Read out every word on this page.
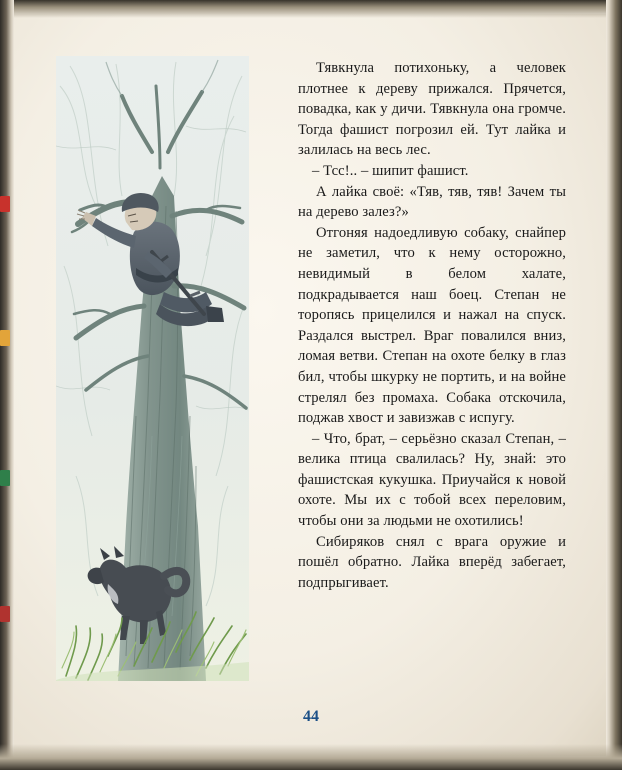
Тявкнула потихоньку, а человек плотнее к дереву прижался. Прячется, повадка, как у дичи. Тявкнула она громче. Тогда фашист погрозил ей. Тут лайка и залилась на весь лес.

– Тсс!.. – шипит фашист.

А лайка своё: «Тяв, тяв, тяв! Зачем ты на дерево залез?»

Отгоняя надоедливую собаку, снайпер не заметил, что к нему осторожно, невидимый в белом халате, подкрадывается наш боец. Степан не торопясь прицелился и нажал на спуск. Раздался выстрел. Враг повалился вниз, ломая ветви. Степан на охоте белку в глаз бил, чтобы шкурку не портить, и на войне стрелял без промаха. Собака отскочила, поджав хвост и завизжав с испугу.

– Что, брат, – серьёзно сказал Степан, – велика птица свалилась? Ну, знай: это фашистская кукушка. Приучайся к новой охоте. Мы их с тобой всех переловим, чтобы они за людьми не охотились!

Сибиряков снял с врага оружие и пошёл обратно. Лайка вперёд забегает, подпрыгивает.

44
